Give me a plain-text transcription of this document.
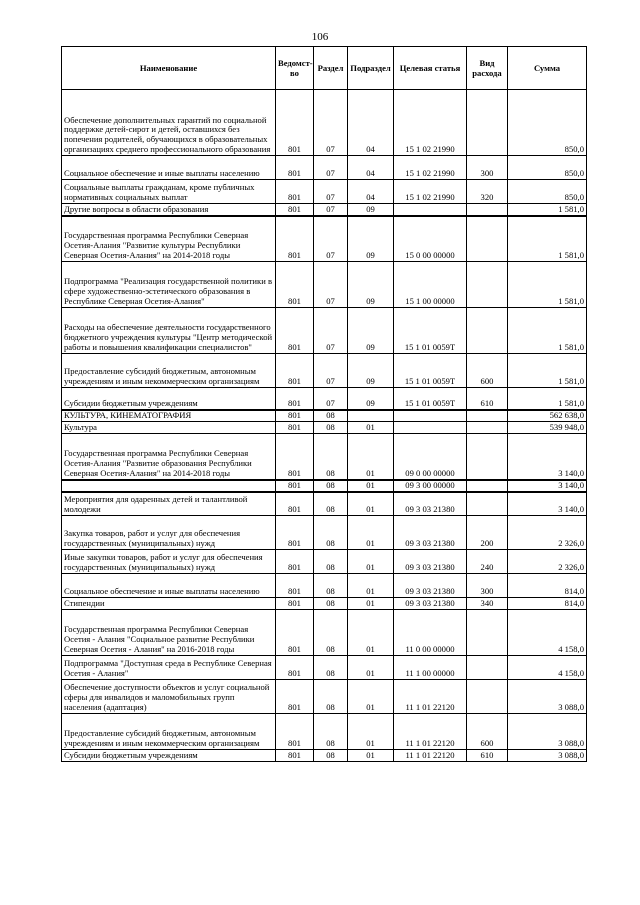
106
Наименование	Ведомст-во	Раздел	Подраздел	Целевая статья	Вид расхода	Сумма
Обеспечение дополнительных гарантий по социальной поддержке детей-сирот и детей, оставшихся без попечения родителей, обучающихся в образовательных организациях среднего профессионального образования	801	07	04	15 1 02 21990		850,0
Социальное обеспечение и иные выплаты населению	801	07	04	15 1 02 21990	300	850,0
Социальные выплаты гражданам, кроме публичных нормативных социальных выплат	801	07	04	15 1 02 21990	320	850,0
Другие вопросы в области образования	801	07	09			1 581,0
Государственная программа Республики Северная Осетия-Алания "Развитие культуры Республики Северная Осетия-Алания" на 2014-2018 годы	801	07	09	15 0 00 00000		1 581,0
Подпрограмма "Реализация государственной политики в сфере художественно-эстетического образования в Республике Северная Осетия-Алания"	801	07	09	15 1 00 00000		1 581,0
Расходы на обеспечение деятельности государственного бюджетного учреждения культуры "Центр методической работы и повышения квалификации специалистов"	801	07	09	15 1 01 0059Т		1 581,0
Предоставление субсидий бюджетным, автономным учреждениям и иным некоммерческим организациям	801	07	09	15 1 01 0059Т	600	1 581,0
Субсидии бюджетным учреждениям	801	07	09	15 1 01 0059Т	610	1 581,0
КУЛЬТУРА, КИНЕМАТОГРАФИЯ	801	08				562 638,0
Культура	801	08	01			539 948,0
Государственная программа Республики Северная Осетия-Алания "Развитие образования Республики Северная Осетия-Алания" на 2014-2018 годы	801	08	01	09 0 00 00000		3 140,0
	801	08	01	09 3 00 00000		3 140,0
Мероприятия для одаренных детей и талантливой молодежи	801	08	01	09 3 03 21380		3 140,0
Закупка товаров, работ и услуг для обеспечения государственных (муниципальных) нужд	801	08	01	09 3 03 21380	200	2 326,0
Иные закупки товаров, работ и услуг для обеспечения государственных (муниципальных) нужд	801	08	01	09 3 03 21380	240	2 326,0
Социальное обеспечение и иные выплаты населению	801	08	01	09 3 03 21380	300	814,0
Стипендии	801	08	01	09 3 03 21380	340	814,0
Государственная программа Республики Северная Осетия - Алания "Социальное развитие Республики Северная Осетия - Алания" на 2016-2018 годы	801	08	01	11 0 00 00000		4 158,0
Подпрограмма "Доступная среда в Республике Северная Осетия - Алания"	801	08	01	11 1 00 00000		4 158,0
Обеспечение доступности объектов и услуг социальной сферы для инвалидов и маломобильных групп населения (адаптация)	801	08	01	11 1 01 22120		3 088,0
Предоставление субсидий бюджетным, автономным учреждениям и иным некоммерческим организациям	801	08	01	11 1 01 22120	600	3 088,0
Субсидии бюджетным учреждениям	801	08	01	11 1 01 22120	610	3 088,0
